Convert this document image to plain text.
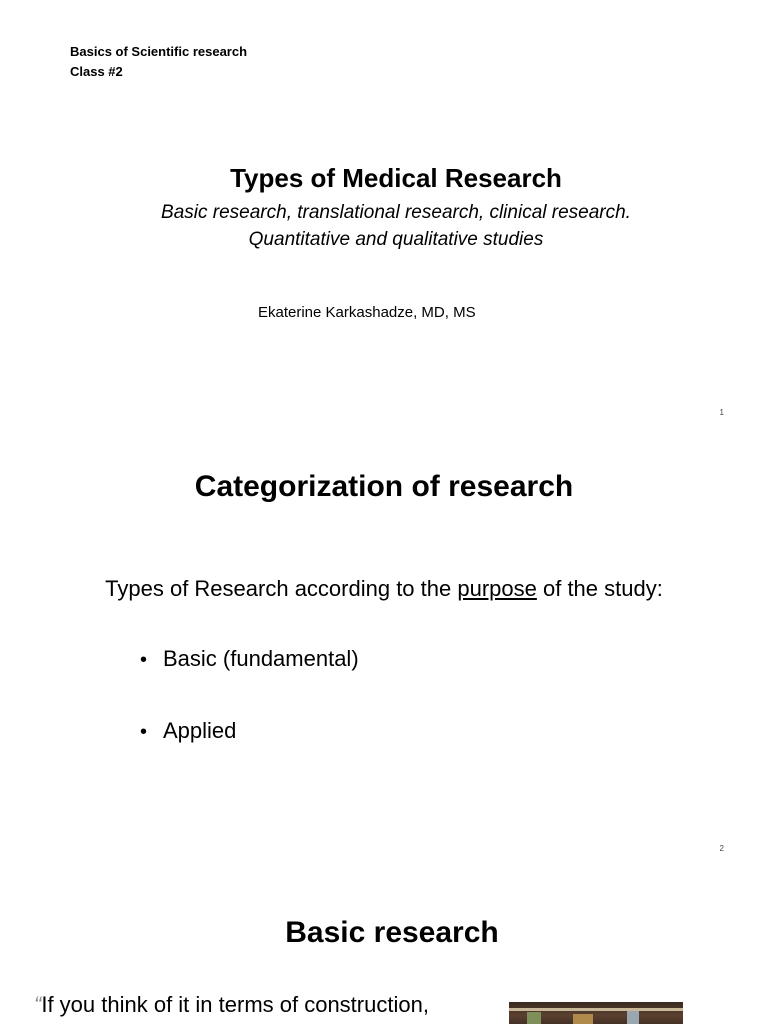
Basics of Scientific research
Class #2
Types of Medical Research
Basic research, translational research, clinical research.
Quantitative and qualitative studies
Ekaterine Karkashadze, MD, MS
1
Categorization of research
Types of Research according to the purpose of the study:
• Basic (fundamental)
• Applied
2
Basic research
“If you think of it in terms of construction,
